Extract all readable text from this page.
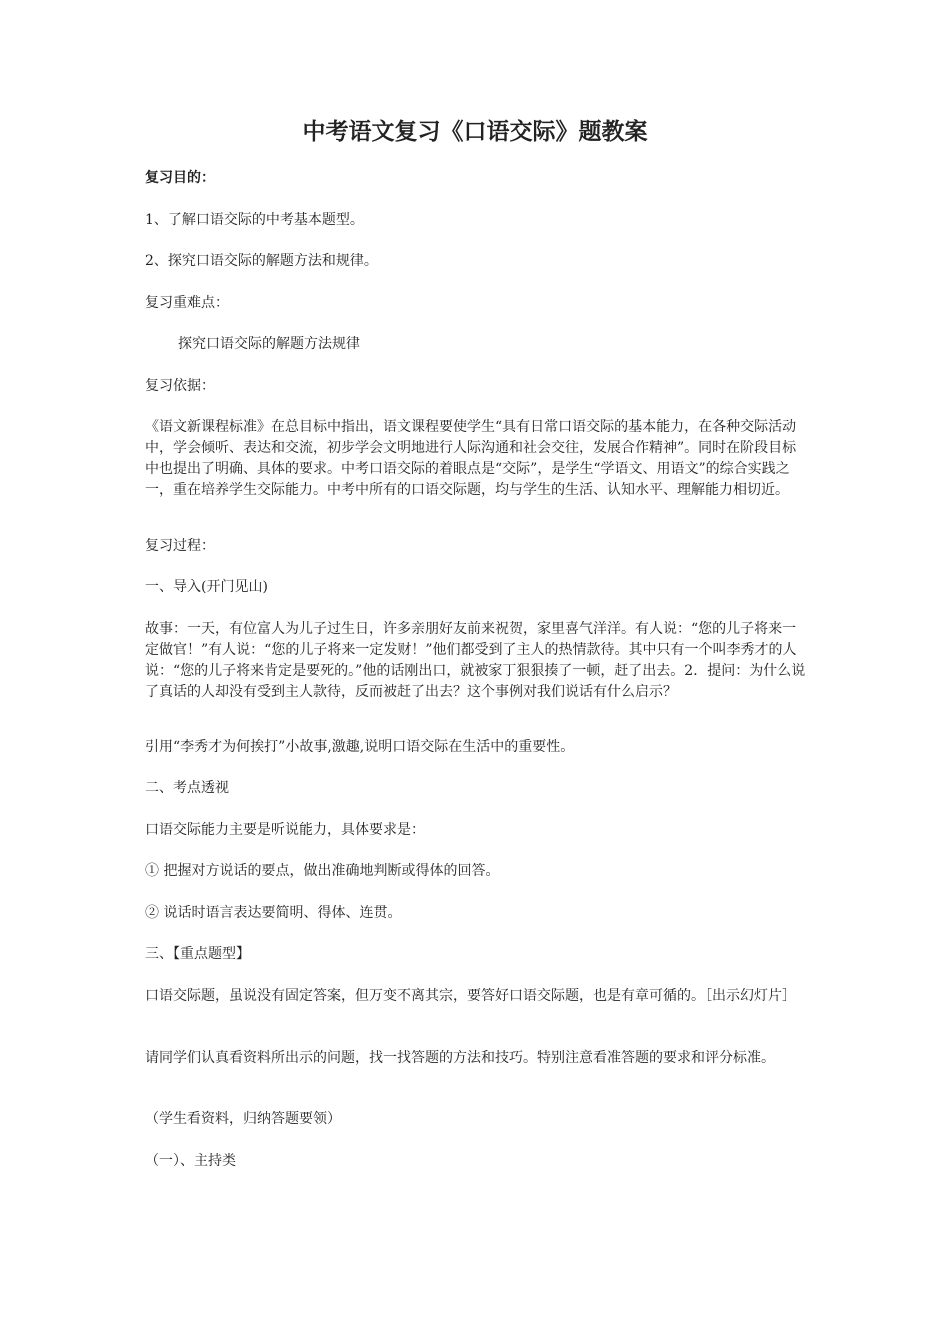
中考语文复习《口语交际》题教案

复习目的：

1、了解口语交际的中考基本题型。

2、探究口语交际的解题方法和规律。

复习重难点：

探究口语交际的解题方法规律

复习依据：

《语文新课程标准》在总目标中指出，语文课程要使学生“具有日常口语交际的基本能力，在各种交际活动中，学会倾听、表达和交流，初步学会文明地进行人际沟通和社会交往，发展合作精神”。同时在阶段目标中也提出了明确、具体的要求。中考口语交际的着眼点是“交际”，是学生“学语文、用语文”的综合实践之一，重在培养学生交际能力。中考中所有的口语交际题，均与学生的生活、认知水平、理解能力相切近。

复习过程：

一、导入(开门见山)

故事：一天，有位富人为儿子过生日，许多亲朋好友前来祝贺，家里喜气洋洋。有人说：“您的儿子将来一定做官！”有人说：“您的儿子将来一定发财！”他们都受到了主人的热情款待。其中只有一个叫李秀才的人说：“您的儿子将来肯定是要死的。”他的话刚出口，就被家丁狠狠揍了一顿，赶了出去。2．提问：为什么说了真话的人却没有受到主人款待，反而被赶了出去？这个事例对我们说话有什么启示？

引用“李秀才为何挨打”小故事,激趣,说明口语交际在生活中的重要性。

二、考点透视

口语交际能力主要是听说能力，具体要求是：

① 把握对方说话的要点，做出准确地判断或得体的回答。

② 说话时语言表达要简明、得体、连贯。

三、【重点题型】

口语交际题，虽说没有固定答案，但万变不离其宗，要答好口语交际题，也是有章可循的。［出示幻灯片］

请同学们认真看资料所出示的问题，找一找答题的方法和技巧。特别注意看准答题的要求和评分标准。

（学生看资料，归纳答题要领）

（一）、主持类
